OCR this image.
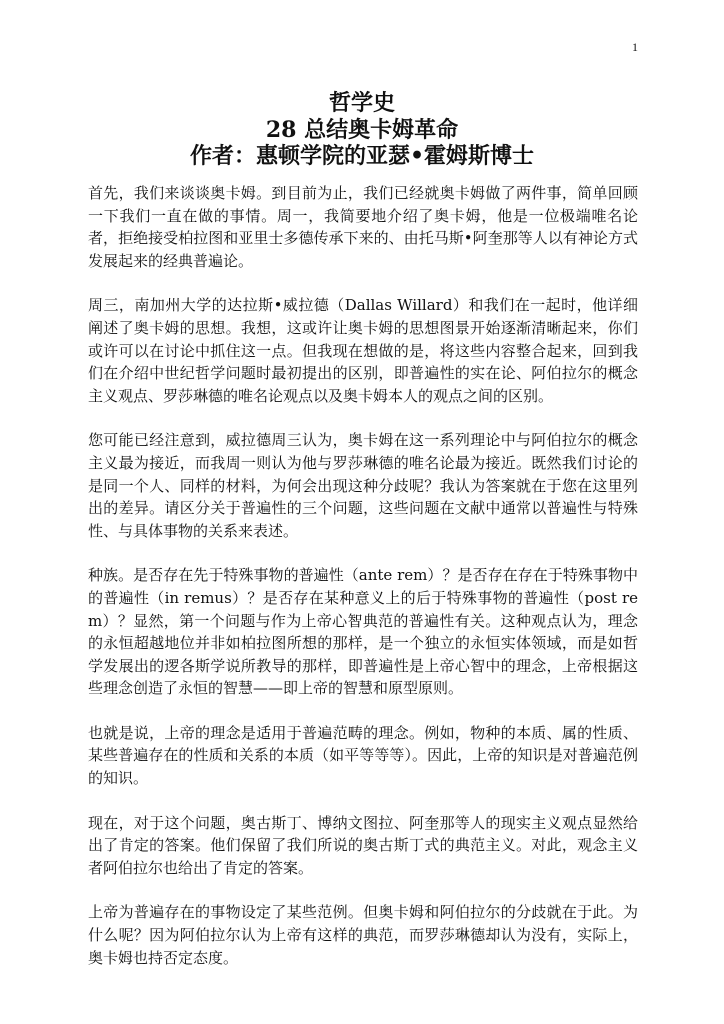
1

哲学史

28 总结奥卡姆革命

作者：惠顿学院的亚瑟•霍姆斯博士

首先，我们来谈谈奥卡姆。到目前为止，我们已经就奥卡姆做了两件事，简单回顾一下我们一直在做的事情。周一，我简要地介绍了奥卡姆，他是一位极端唯名论者，拒绝接受柏拉图和亚里士多德传承下来的、由托马斯•阿奎那等人以有神论方式发展起来的经典普遍论。

周三，南加州大学的达拉斯•威拉德（Dallas Willard）和我们在一起时，他详细阐述了奥卡姆的思想。我想，这或许让奥卡姆的思想图景开始逐渐清晰起来，你们或许可以在讨论中抓住这一点。但我现在想做的是，将这些内容整合起来，回到我们在介绍中世纪哲学问题时最初提出的区别，即普遍性的实在论、阿伯拉尔的概念主义观点、罗莎琳德的唯名论观点以及奥卡姆本人的观点之间的区别。

您可能已经注意到，威拉德周三认为，奥卡姆在这一系列理论中与阿伯拉尔的概念主义最为接近，而我周一则认为他与罗莎琳德的唯名论最为接近。既然我们讨论的是同一个人、同样的材料，为何会出现这种分歧呢？我认为答案就在于您在这里列出的差异。请区分关于普遍性的三个问题，这些问题在文献中通常以普遍性与特殊性、与具体事物的关系来表述。

种族。是否存在先于特殊事物的普遍性（ante rem）？是否存在存在于特殊事物中的普遍性（in remus）？是否存在某种意义上的后于特殊事物的普遍性（post rem）？显然，第一个问题与作为上帝心智典范的普遍性有关。这种观点认为，理念的永恒超越地位并非如柏拉图所想的那样，是一个独立的永恒实体领域，而是如哲学发展出的逻各斯学说所教导的那样，即普遍性是上帝心智中的理念，上帝根据这些理念创造了永恒的智慧——即上帝的智慧和原型原则。

也就是说，上帝的理念是适用于普遍范畴的理念。例如，物种的本质、属的性质、某些普遍存在的性质和关系的本质（如平等等等）。因此，上帝的知识是对普遍范例的知识。

现在，对于这个问题，奥古斯丁、博纳文图拉、阿奎那等人的现实主义观点显然给出了肯定的答案。他们保留了我们所说的奥古斯丁式的典范主义。对此，观念主义者阿伯拉尔也给出了肯定的答案。

上帝为普遍存在的事物设定了某些范例。但奥卡姆和阿伯拉尔的分歧就在于此。为什么呢？因为阿伯拉尔认为上帝有这样的典范，而罗莎琳德却认为没有，实际上，奥卡姆也持否定态度。
